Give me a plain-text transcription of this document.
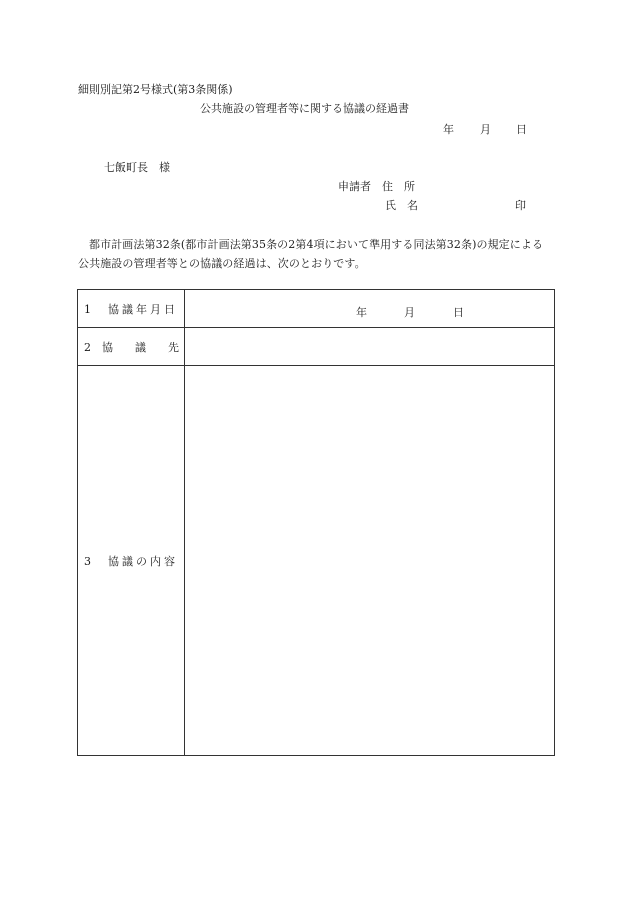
細則別記第2号様式(第3条関係)
公共施設の管理者等に関する協議の経過書
年 月 日
七飯町長　様
申請者　住　所
氏　名	印
都市計画法第32条(都市計画法第35条の2第4項において準用する同法第32条)の規定による公共施設の管理者等との協議の経過は、次のとおりです。
1　協議年月日	年 月 日

2　協　　議　　先	
3　協議の内容	
